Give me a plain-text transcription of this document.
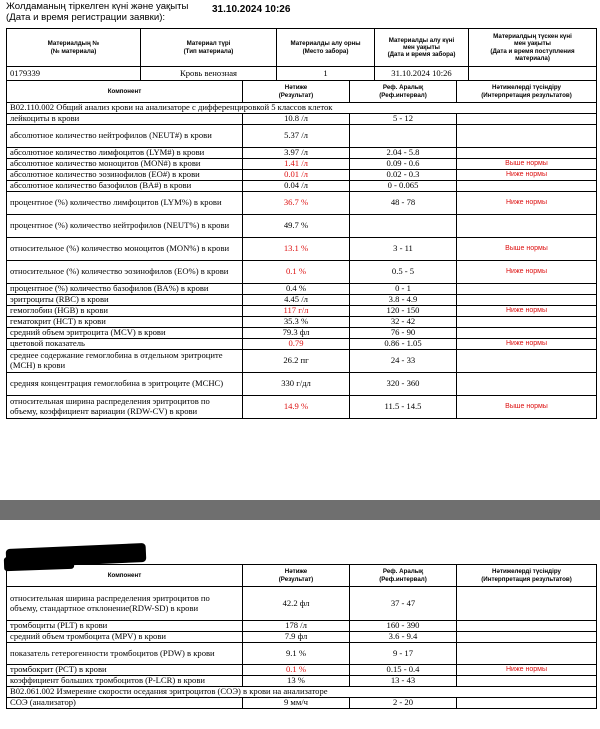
Жолдаманың тіркелген күні және уақыты
(Дата и время регистрации заявки):
31.10.2024 10:26
Материалдың №
(№ материала)	Материал түрі
(Тип материала)	Материалды алу орны
(Место забора)	Материалды алу күні
мен уақыты
(Дата и время забора)	Материалдың түскен күні
мен уақыты
(Дата и время поступления
материала)
0179339	Кровь венозная	1	31.10.2024 10:26	
Компонент	Нәтиже
(Результат)	Реф. Аралық
(Реф.интервал)	Нәтижелерді түсіндіру
(Интерпретация результатов)
B02.110.002 Общий анализ крови на анализаторе с дифференцировкой 5 классов клеток			
лейкоциты в крови	10.8 /л	5 - 12	
абсолютное количество нейтрофилов (NEUT#) в крови	5.37 /л		
абсолютное количество лимфоцитов (LYM#) в крови	3.97 /л	2.04 - 5.8	
абсолютное количество моноцитов (MON#) в крови	1.41 /л	0.09 - 0.6	Выше нормы
абсолютное количество эозинофилов (EO#) в крови	0.01 /л	0.02 - 0.3	Ниже нормы
абсолютное количество базофилов (BA#) в крови	0.04 /л	0 - 0.065	
процентное (%) количество лимфоцитов (LYM%) в крови	36.7 %	48 - 78	Ниже нормы
процентное (%) количество нейтрофилов (NEUT%) в крови	49.7 %		
относительное (%) количество моноцитов (MON%) в крови	13.1 %	3 - 11	Выше нормы
относительное (%) количество эозинофилов (EO%) в крови	0.1 %	0.5 - 5	Ниже нормы
процентное (%) количество базофилов (BA%) в крови	0.4 %	0 - 1	
эритроциты (RBC) в крови	4.45 /л	3.8 - 4.9	
гемоглобин (HGB) в крови	117 г/л	120 - 150	Ниже нормы
гематокрит (HCT) в крови	35.3 %	32 - 42	
средний объем эритроцита (MCV) в крови	79.3 фл	76 - 90	
цветовой показатель	0.79	0.86 - 1.05	Ниже нормы
среднее содержание гемоглобина в отдельном эритроците (MCH) в крови	26.2 пг	24 - 33	
средняя концентрация гемоглобина в эритроците (MCHC)	330 г/дл	320 - 360	
относительная ширина распределения эритроцитов по объему, коэффициент вариации (RDW-CV) в крови	14.9 %	11.5 - 14.5	Выше нормы
Компонент	Нәтиже
(Результат)	Реф. Аралық
(Реф.интервал)	Нәтижелерді түсіндіру
(Интерпретация результатов)
относительная ширина распределения эритроцитов по объему, стандартное отклонение(RDW-SD) в крови	42.2 фл	37 - 47	
тромбоциты (PLT) в крови	178 /л	160 - 390	
средний объем тромбоцита (MPV) в крови	7.9 фл	3.6 - 9.4	
показатель гетерогенности тромбоцитов (PDW) в крови	9.1 %	9 - 17	
тромбокрит (PCT) в крови	0.1 %	0.15 - 0.4	Ниже нормы
коэффициент больших тромбоцитов (P-LCR) в крови	13 %	13 - 43	
B02.061.002 Измерение скорости оседания эритроцитов (СОЭ) в крови на анализаторе			
СОЭ (анализатор)	9 мм/ч	2 - 20	
